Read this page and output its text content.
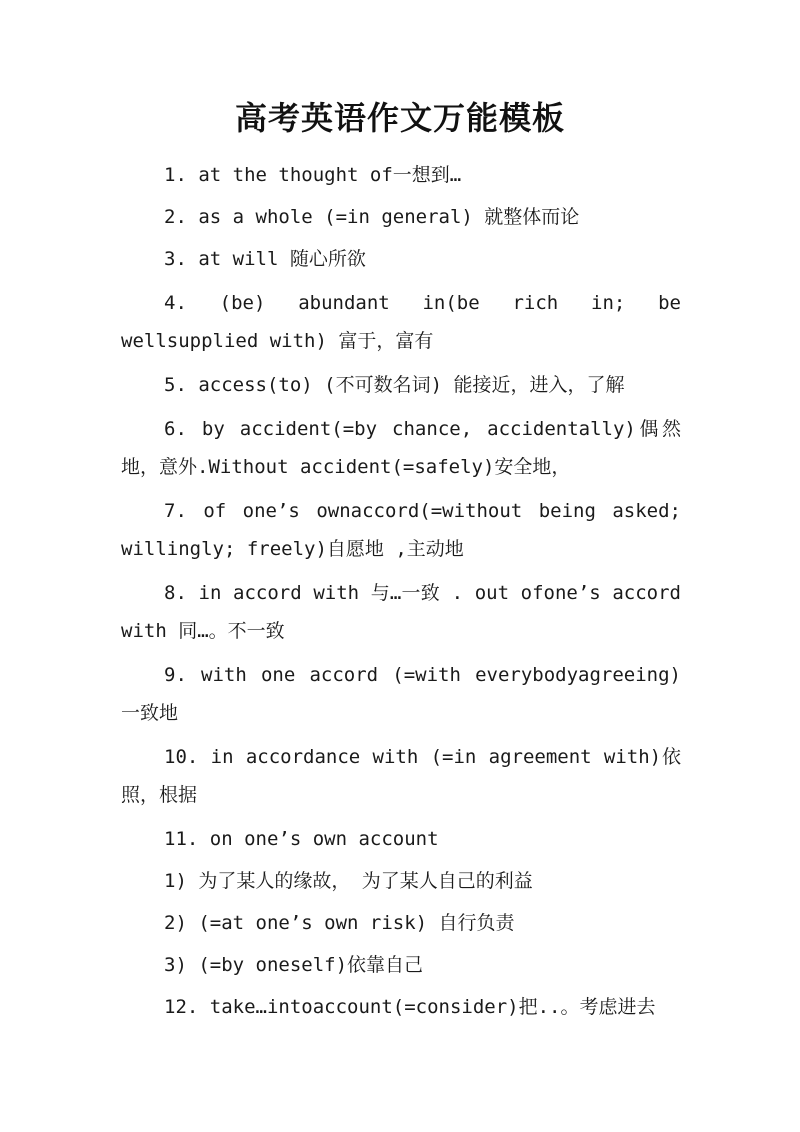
高考英语作文万能模板

1. at the thought of一想到…

2. as a whole (=in general) 就整体而论

3. at will 随心所欲

4. (be) abundant in(be rich in; be wellsupplied with) 富于，富有

5. access(to) (不可数名词) 能接近，进入，了解

6. by accident(=by chance, accidentally)偶然地，意外.Without accident(=safely)安全地，

7. of one’s ownaccord(=without being asked; willingly; freely)自愿地 ,主动地

8. in accord with 与…一致 . out ofone’s accord with 同…。不一致

9. with one accord (=with everybodyagreeing)一致地

10. in accordance with (=in agreement with)依照，根据

11. on one’s own account

1) 为了某人的缘故， 为了某人自己的利益

2) (=at one’s own risk) 自行负责

3) (=by oneself)依靠自己

12. take…intoaccount(=consider)把..。考虑进去
